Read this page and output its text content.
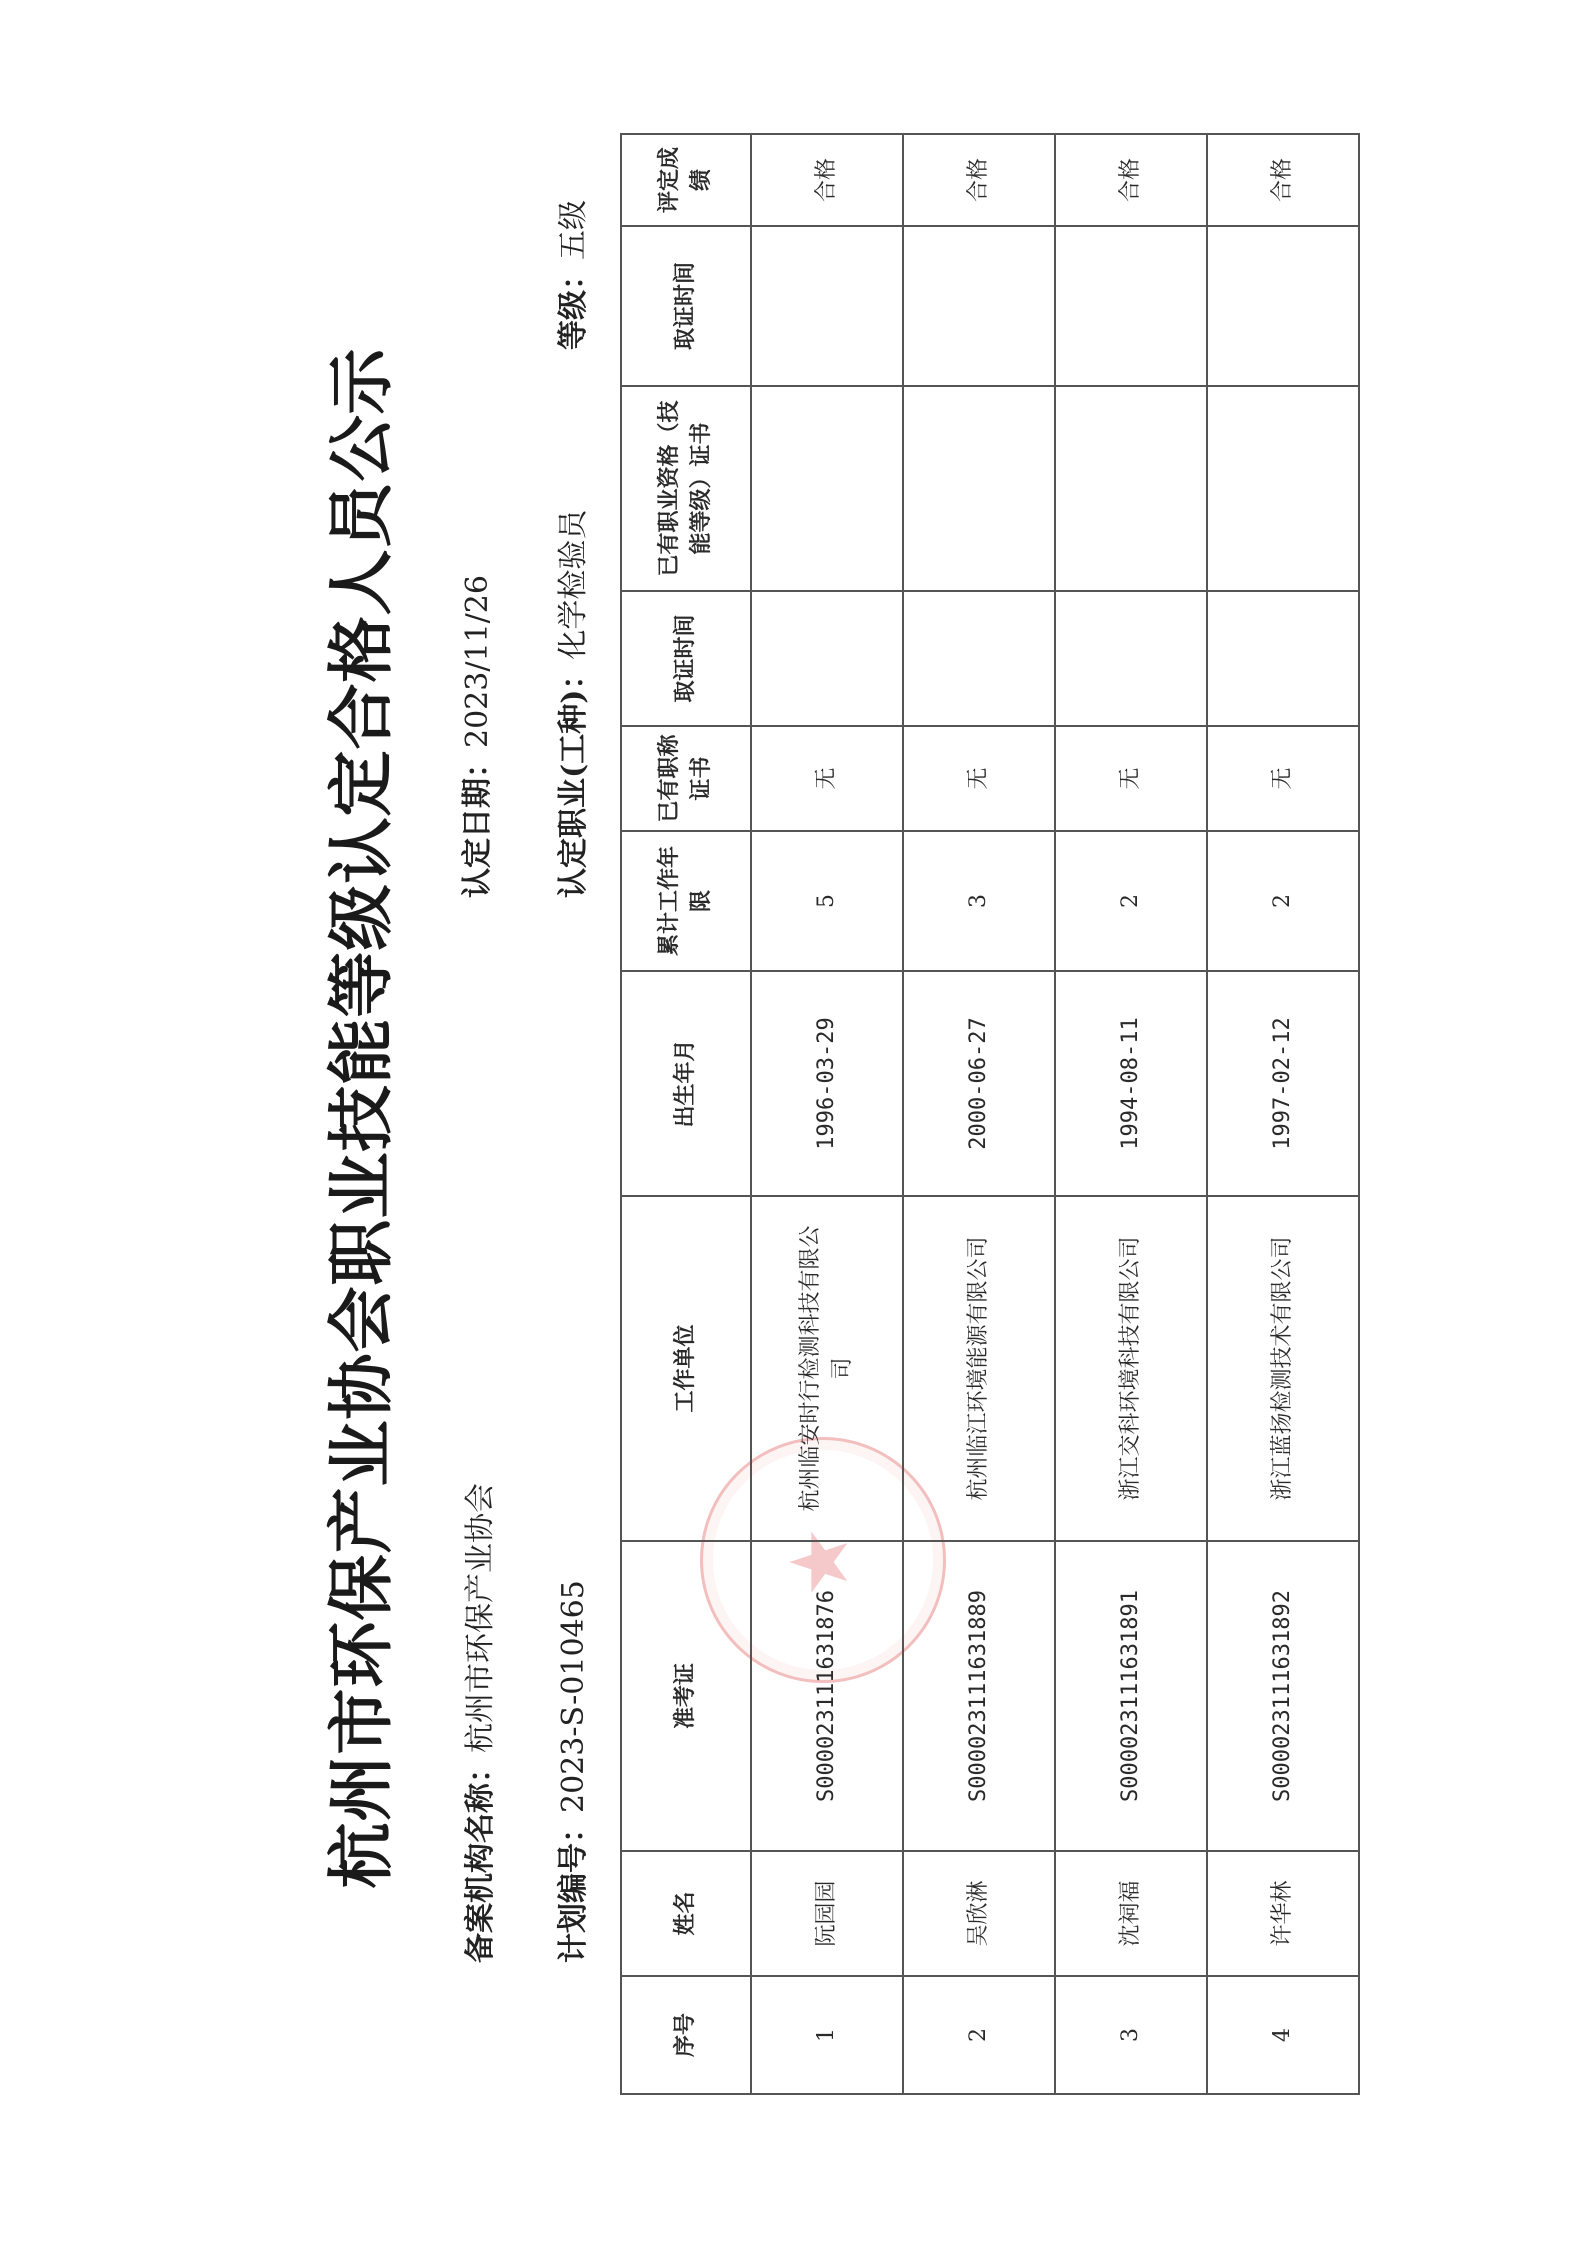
★
杭州市环保产业协会职业技能等级认定合格人员公示 备案机构名称：杭州市环保产业协会
认定日期：2023/11/26
计划编号：2023-S-010465
认定职业(工种)：化学检验员
等级：五级
序号	姓名	准考证	工作单位	出生年月	累计工作年限	已有职称证书	取证时间	已有职业资格（技能等级）证书	取证时间	评定成绩
1	阮园园	S000023111631876	杭州临安时行检测科技有限公司	1996-03-29	5	无				合格
2	吴欣淋	S000023111631889	杭州临江环境能源有限公司	2000-06-27	3	无				合格
3	沈祠福	S000023111631891	浙江交科环境科技有限公司	1994-08-11	2	无				合格
4	许华林	S000023111631892	浙江蓝扬检测技术有限公司	1997-02-12	2	无				合格
